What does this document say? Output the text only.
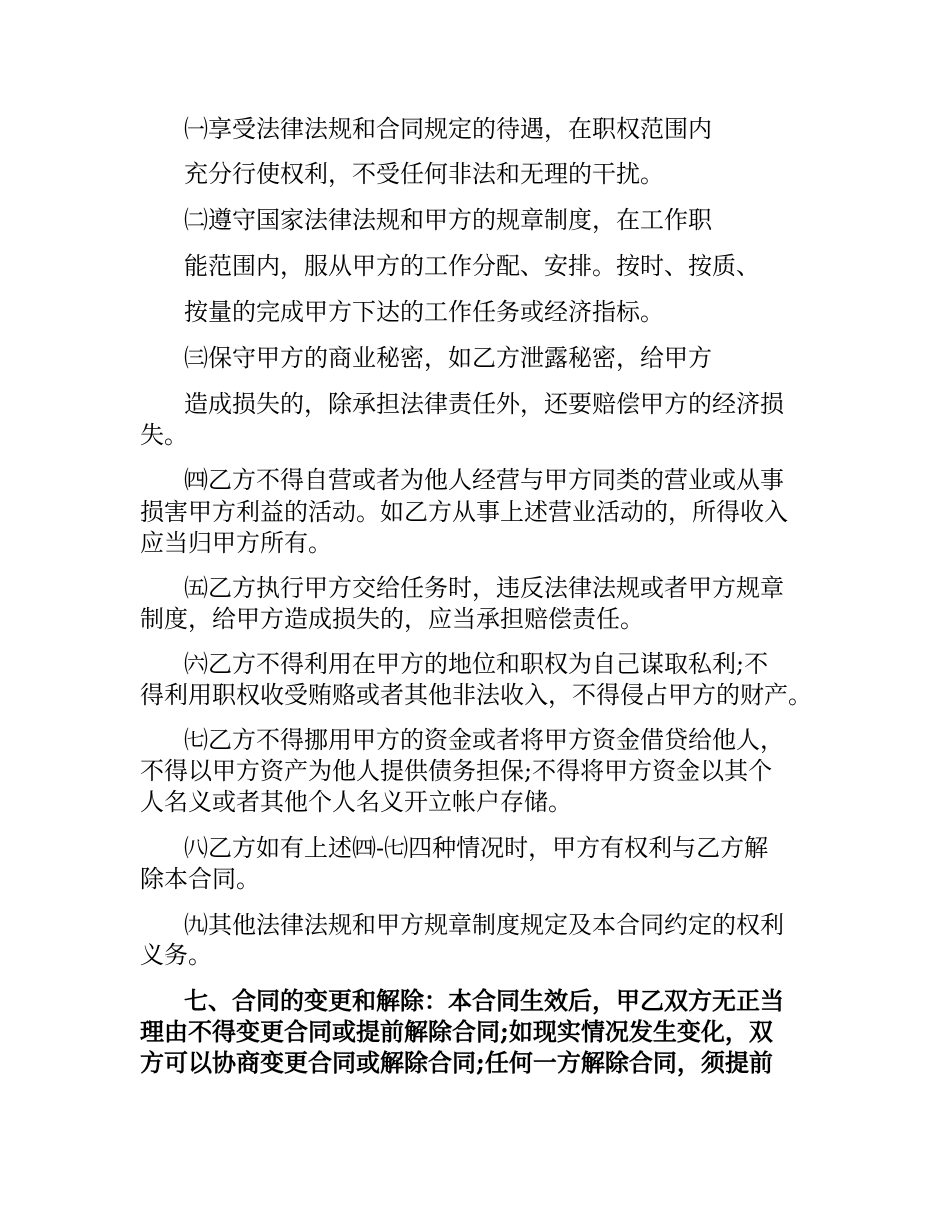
㈠享受法律法规和合同规定的待遇，在职权范围内

充分行使权利，不受任何非法和无理的干扰。

㈡遵守国家法律法规和甲方的规章制度，在工作职

能范围内，服从甲方的工作分配、安排。按时、按质、

按量的完成甲方下达的工作任务或经济指标。

㈢保守甲方的商业秘密，如乙方泄露秘密，给甲方

造成损失的，除承担法律责任外，还要赔偿甲方的经济损

失。

㈣乙方不得自营或者为他人经营与甲方同类的营业或从事

损害甲方利益的活动。如乙方从事上述营业活动的，所得收入

应当归甲方所有。

㈤乙方执行甲方交给任务时，违反法律法规或者甲方规章

制度，给甲方造成损失的，应当承担赔偿责任。

㈥乙方不得利用在甲方的地位和职权为自己谋取私利;不

得利用职权收受贿赂或者其他非法收入，不得侵占甲方的财产。

㈦乙方不得挪用甲方的资金或者将甲方资金借贷给他人，

不得以甲方资产为他人提供债务担保;不得将甲方资金以其个

人名义或者其他个人名义开立帐户存储。

㈧乙方如有上述㈣-㈦四种情况时，甲方有权利与乙方解

除本合同。

㈨其他法律法规和甲方规章制度规定及本合同约定的权利

义务。

七、合同的变更和解除：本合同生效后，甲乙双方无正当

理由不得变更合同或提前解除合同;如现实情况发生变化，双

方可以协商变更合同或解除合同;任何一方解除合同，须提前
